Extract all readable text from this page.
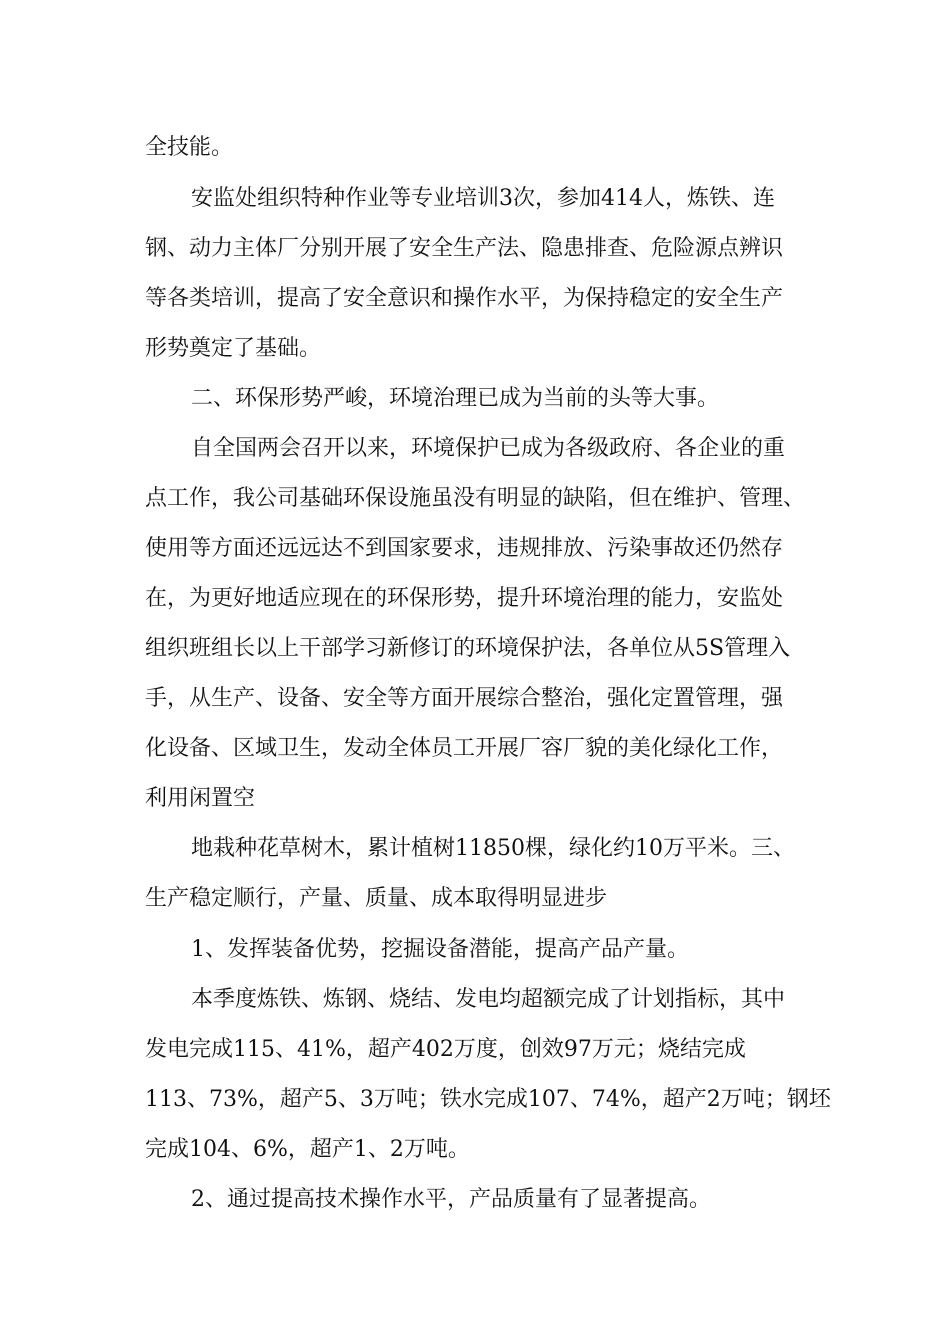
全技能。
安监处组织特种作业等专业培训3次，参加414人，炼铁、连
钢、动力主体厂分别开展了安全生产法、隐患排查、危险源点辨识
等各类培训，提高了安全意识和操作水平，为保持稳定的安全生产
形势奠定了基础。
二、环保形势严峻，环境治理已成为当前的头等大事。
自全国两会召开以来，环境保护已成为各级政府、各企业的重
点工作，我公司基础环保设施虽没有明显的缺陷，但在维护、管理、
使用等方面还远远达不到国家要求，违规排放、污染事故还仍然存
在，为更好地适应现在的环保形势，提升环境治理的能力，安监处
组织班组长以上干部学习新修订的环境保护法，各单位从5S管理入
手，从生产、设备、安全等方面开展综合整治，强化定置管理，强
化设备、区域卫生，发动全体员工开展厂容厂貌的美化绿化工作，
利用闲置空
地栽种花草树木，累计植树11850棵，绿化约10万平米。三、
生产稳定顺行，产量、质量、成本取得明显进步
1、发挥装备优势，挖掘设备潜能，提高产品产量。
本季度炼铁、炼钢、烧结、发电均超额完成了计划指标，其中
发电完成115、41%，超产402万度，创效97万元；烧结完成
113、73%，超产5、3万吨；铁水完成107、74%，超产2万吨；钢坯
完成104、6%，超产1、2万吨。
2、通过提高技术操作水平，产品质量有了显著提高。
